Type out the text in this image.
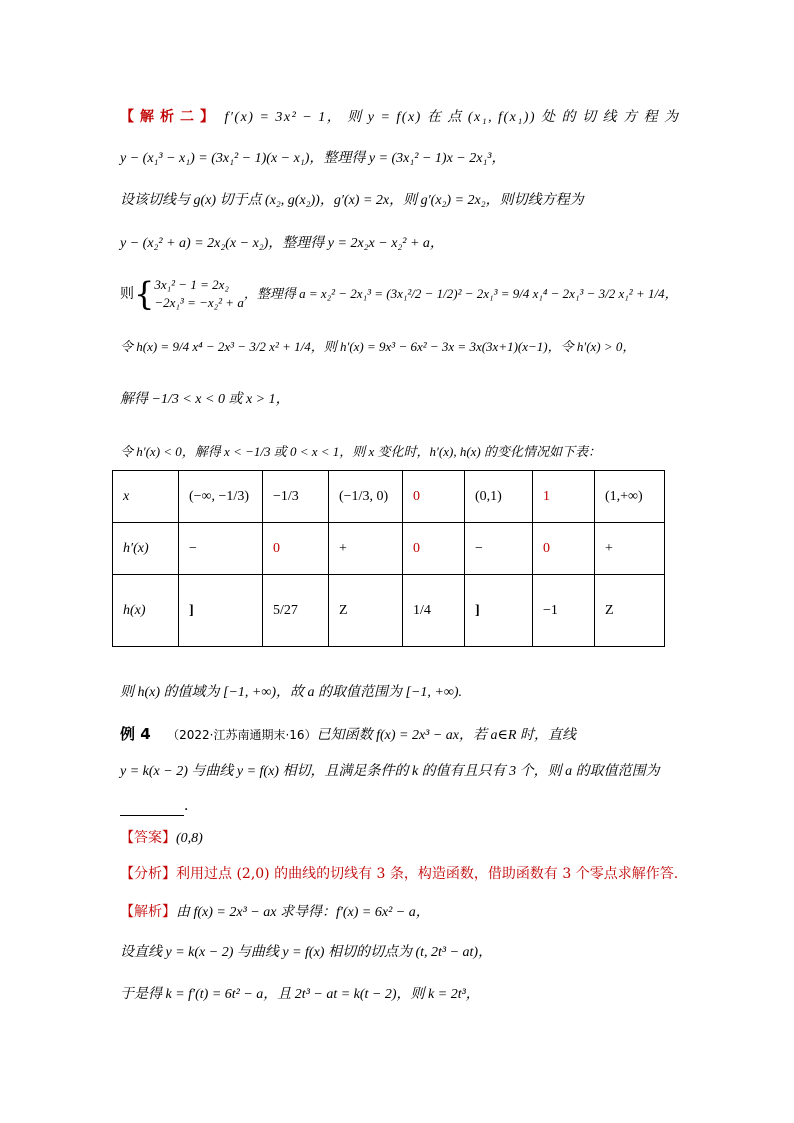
【解析二】 f′(x) = 3x² − 1， 则 y = f(x) 在 点 (x₁, f(x₁)) 处 的 切 线 方 程 为
y − (x₁³ − x₁) = (3x₁² − 1)(x − x₁)，整理得 y = (3x₁² − 1)x − 2x₁³，
设该切线与 g(x) 切于点 (x₂, g(x₂))，g′(x) = 2x，则 g′(x₂) = 2x₂，则切线方程为
y − (x₂² + a) = 2x₂(x − x₂)，整理得 y = 2x₂x − x₂² + a，
则{ 3x₁² − 1 = 2x₂
−2x₁³ = −x₂² + a
，整理得 a = x₂² − 2x₁³ = (3x₁²/2 − 1/2)² − 2x₁³ = 9/4 x₁⁴ − 2x₁³ − 3/2 x₁² + 1/4，
令 h(x) = 9/4 x⁴ − 2x³ − 3/2 x² + 1/4，则 h′(x) = 9x³ − 6x² − 3x = 3x(3x+1)(x−1)，令 h′(x) > 0，
解得 −1/3 < x < 0 或 x > 1，
令 h′(x) < 0，解得 x < −1/3 或 0 < x < 1，则 x 变化时，h′(x), h(x) 的变化情况如下表：
x	(−∞, −1/3)	−1/3	(−1/3, 0)	0	(0,1)	1	(1,+∞)
h′(x)	−	0	+	0	−	0	+
h(x)	]	5/27	Z	1/4	]	−1	Z
则 h(x) 的值域为 [−1, +∞)，故 a 的取值范围为 [−1, +∞).
例 4 （2022·江苏南通期末·16）已知函数 f(x) = 2x³ − ax，若 a∈R 时，直线
y = k(x − 2) 与曲线 y = f(x) 相切，且满足条件的 k 的值有且只有 3 个，则 a 的取值范围为
．
【答案】(0,8)
【分析】利用过点 (2,0) 的曲线的切线有 3 条，构造函数，借助函数有 3 个零点求解作答.
【解析】由 f(x) = 2x³ − ax 求导得：f′(x) = 6x² − a，
设直线 y = k(x − 2) 与曲线 y = f(x) 相切的切点为 (t, 2t³ − at)，
于是得 k = f′(t) = 6t² − a，且 2t³ − at = k(t − 2)，则 k = 2t³，
